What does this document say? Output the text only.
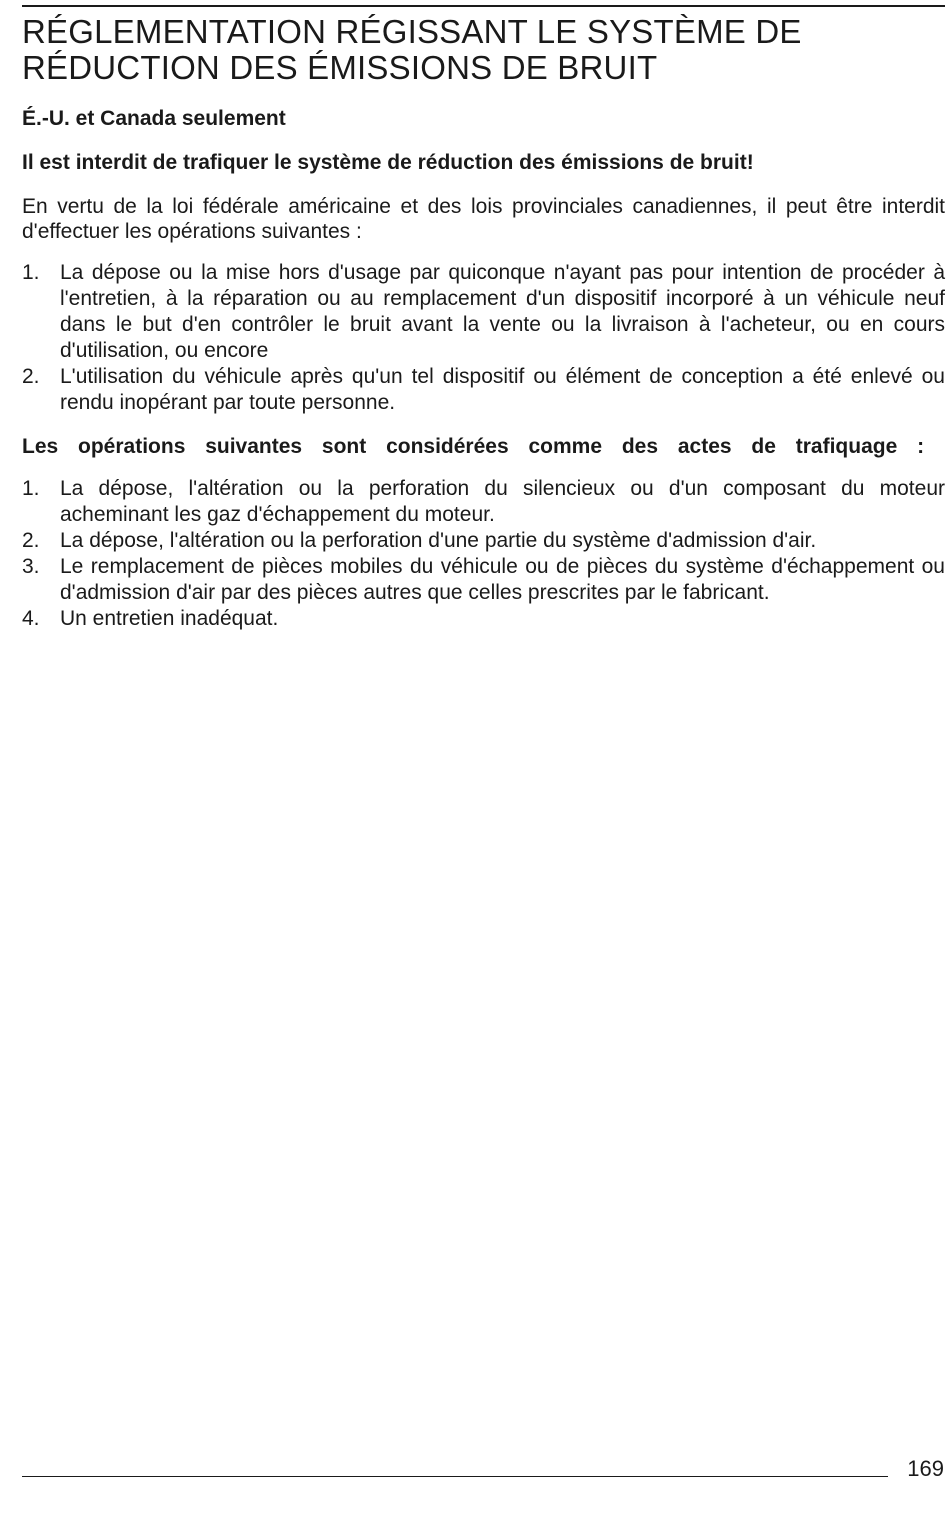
RÉGLEMENTATION RÉGISSANT LE SYSTÈME DE
RÉDUCTION DES ÉMISSIONS DE BRUIT

É.-U. et Canada seulement

Il est interdit de trafiquer le système de réduction des émissions de bruit!

En vertu de la loi fédérale américaine et des lois provinciales canadiennes, il peut être interdit d'effectuer les opérations suivantes :

1. La dépose ou la mise hors d'usage par quiconque n'ayant pas pour intention de procéder à l'entretien, à la réparation ou au remplacement d'un dispositif incorporé à un véhicule neuf dans le but d'en contrôler le bruit avant la vente ou la livraison à l'acheteur, ou en cours d'utilisation, ou encore
2. L'utilisation du véhicule après qu'un tel dispositif ou élément de conception a été enlevé ou rendu inopérant par toute personne.

Les opérations suivantes sont considérées comme des actes de trafiquage :

1. La dépose, l'altération ou la perforation du silencieux ou d'un composant du moteur acheminant les gaz d'échappement du moteur.
2. La dépose, l'altération ou la perforation d'une partie du système d'admission d'air.
3. Le remplacement de pièces mobiles du véhicule ou de pièces du système d'échappement ou d'admission d'air par des pièces autres que celles prescrites par le fabricant.
4. Un entretien inadéquat.
169
